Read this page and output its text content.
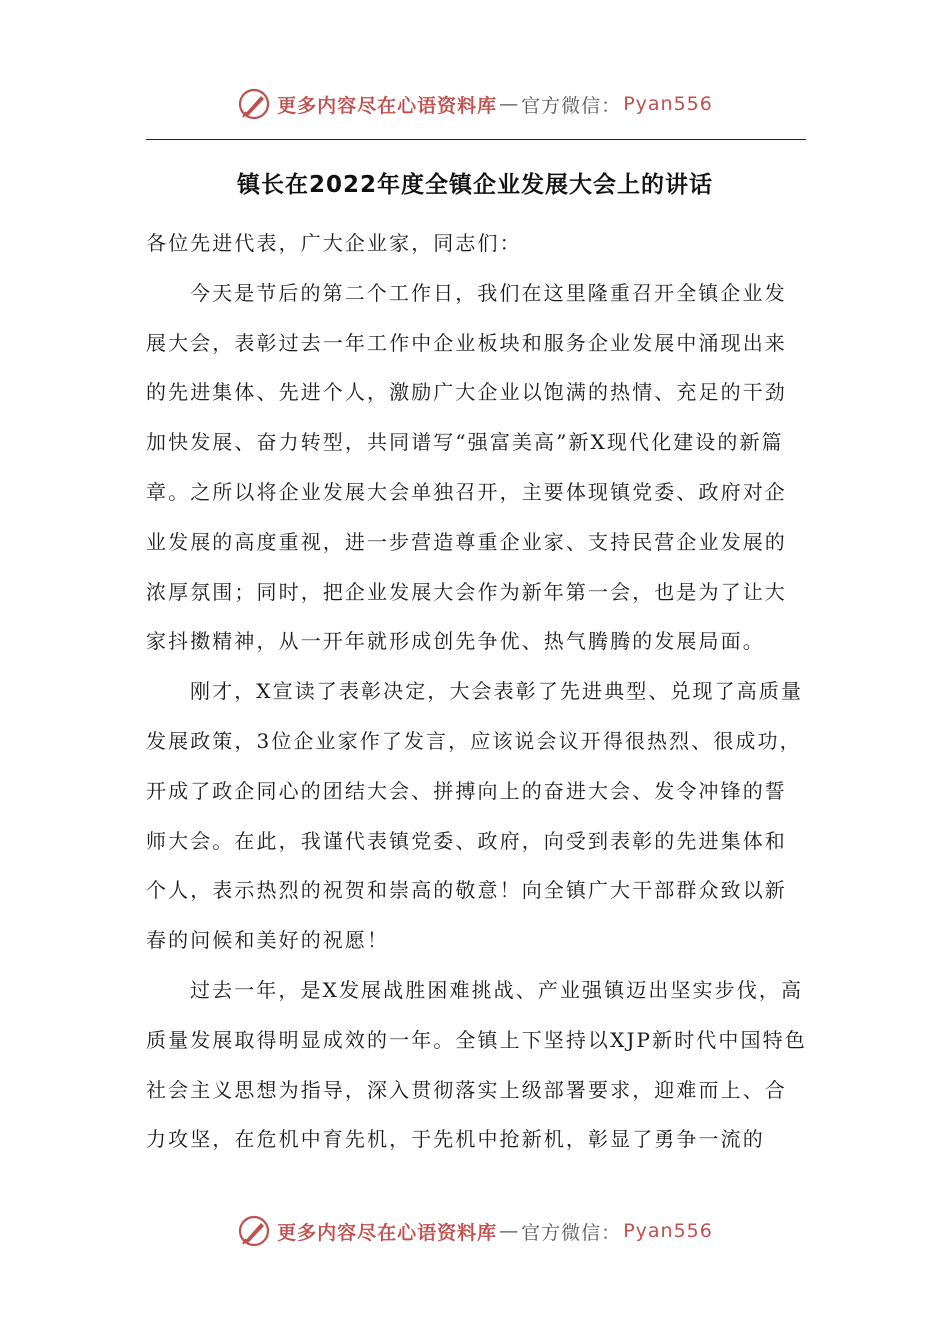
更多内容尽在心语资料库 — 官方微信： Pyan556
镇长在2022年度全镇企业发展大会上的讲话

各位先进代表，广大企业家，同志们：

今天是节后的第二个工作日，我们在这里隆重召开全镇企业发展大会，表彰过去一年工作中企业板块和服务企业发展中涌现出来的先进集体、先进个人，激励广大企业以饱满的热情、充足的干劲加快发展、奋力转型，共同谱写“强富美高”新X现代化建设的新篇章。之所以将企业发展大会单独召开，主要体现镇党委、政府对企业发展的高度重视，进一步营造尊重企业家、支持民营企业发展的浓厚氛围；同时，把企业发展大会作为新年第一会，也是为了让大家抖擞精神，从一开年就形成创先争优、热气腾腾的发展局面。

刚才，X宣读了表彰决定，大会表彰了先进典型、兑现了高质量发展政策，3位企业家作了发言，应该说会议开得很热烈、很成功，开成了政企同心的团结大会、拼搏向上的奋进大会、发令冲锋的誓师大会。在此，我谨代表镇党委、政府，向受到表彰的先进集体和个人，表示热烈的祝贺和崇高的敬意！向全镇广大干部群众致以新春的问候和美好的祝愿！

过去一年，是X发展战胜困难挑战、产业强镇迈出坚实步伐，高质量发展取得明显成效的一年。全镇上下坚持以XJP新时代中国特色社会主义思想为指导，深入贯彻落实上级部署要求，迎难而上、合力攻坚，在危机中育先机，于先机中抢新机，彰显了勇争一流的

更多内容尽在心语资料库 — 官方微信： Pyan556
